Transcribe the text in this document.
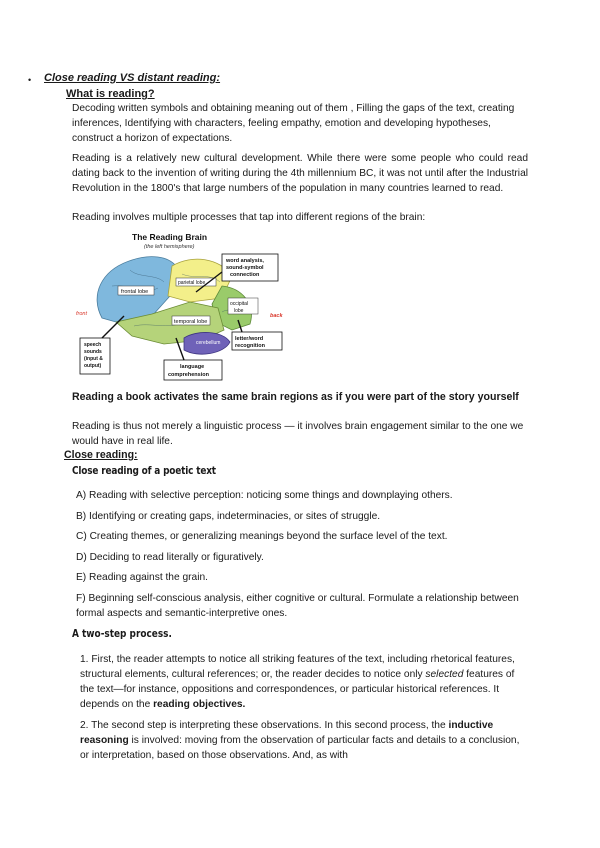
• Close reading VS distant reading:
What is reading?

Decoding written symbols and obtaining meaning out of them , Filling the gaps of the text, creating inferences, Identifying with characters, feeling empathy, emotion and developing hypotheses, construct a horizon of expectations.

Reading is a relatively new cultural development. While there were some people who could read dating back to the invention of writing during the 4th millennium BC, it was not until after the Industrial Revolution in the 1800's that large numbers of the population in many countries learned to read.

Reading involves multiple processes that tap into different regions of the brain:

The Reading Brain
(the left hemisphere)
frontal lobe
parietal lobe
temporal lobe
occipital
lobe
cerebellum
front	back
word analysis,
sound-symbol
connection
letter/word
recognition
speech
sounds
(input &
output)	language
comprehension
Reading a book activates the same brain regions as if you were part of the story yourself

Reading is thus not merely a linguistic process — it involves brain engagement similar to the one we would have in real life.

Close reading:
Close reading of a poetic text

A) Reading with selective perception: noticing some things and downplaying others.

B) Identifying or creating gaps, indeterminacies, or sites of struggle.

C) Creating themes, or generalizing meanings beyond the surface level of the text.

D) Deciding to read literally or figuratively.

E) Reading against the grain.

F) Beginning self-conscious analysis, either cognitive or cultural. Formulate a relationship between formal aspects and semantic-interpretive ones.

A two-step process.

1. First, the reader attempts to notice all striking features of the text, including rhetorical features, structural elements, cultural references; or, the reader decides to notice only selected features of the text—for instance, oppositions and correspondences, or particular historical references. It depends on the reading objectives.

2. The second step is interpreting these observations. In this second process, the inductive reasoning is involved: moving from the observation of particular facts and details to a conclusion, or interpretation, based on those observations. And, as with
